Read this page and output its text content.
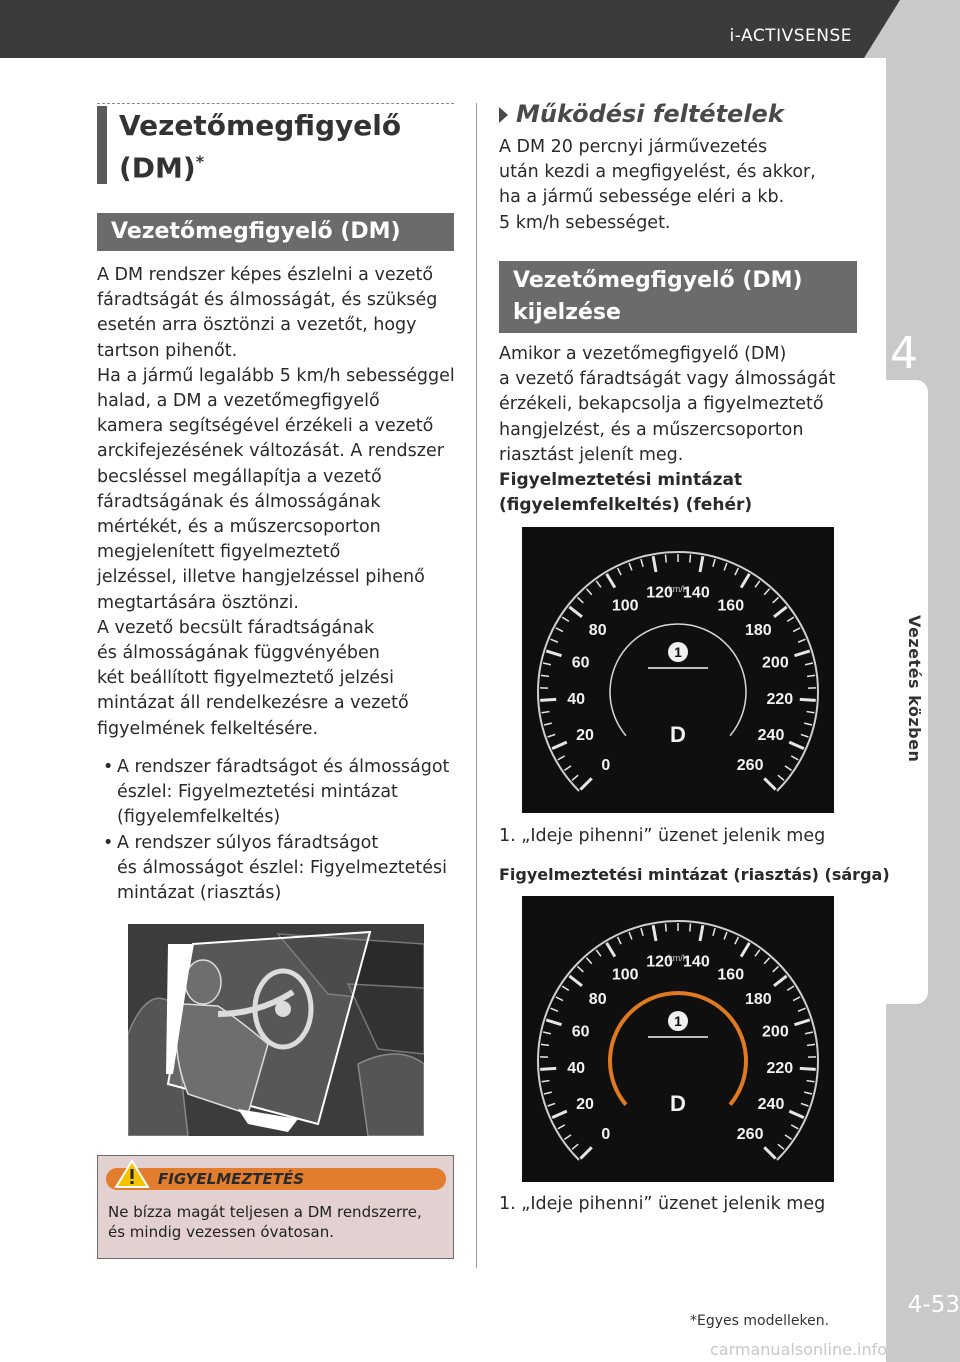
i-ACTIVSENSE
4
Vezetés közben
4-53
Vezetőmegfigyelő
(DM)*
Vezetőmegfigyelő (DM)
A DM rendszer képes észlelni a vezető
fáradtságát és álmosságát, és szükség
esetén arra ösztönzi a vezetőt, hogy
tartson pihenőt.
Ha a jármű legalább 5 km/h sebességgel
halad, a DM a vezetőmegfigyelő
kamera segítségével érzékeli a vezető
arckifejezésének változását. A rendszer
becsléssel megállapítja a vezető
fáradtságának és álmosságának
mértékét, és a műszercsoporton
megjelenített figyelmeztető
jelzéssel, illetve hangjelzéssel pihenő
megtartására ösztönzi.
A vezető becsült fáradtságának
és álmosságának függvényében
két beállított figyelmeztető jelzési
mintázat áll rendelkezésre a vezető
figyelmének felkeltésére.
• A rendszer fáradtságot és álmosságot
észlel: Figyelmeztetési mintázat
(figyelemfelkeltés)
• A rendszer súlyos fáradtságot
és álmosságot észlel: Figyelmeztetési
mintázat (riasztás)
FIGYELMEZTETÉS
Ne bízza magát teljesen a DM rendszerre,
és mindig vezessen óvatosan.
Működési feltételek
A DM 20 percnyi járművezetés
után kezdi a megfigyelést, és akkor,
ha a jármű sebessége eléri a kb.
5 km/h sebességet.
Vezetőmegfigyelő (DM)
kijelzése
Amikor a vezetőmegfigyelő (DM)
a vezető fáradtságát vagy álmosságát
érzékeli, bekapcsolja a figyelmeztető
hangjelzést, és a műszercsoporton
riasztást jelenít meg.
Figyelmeztetési mintázat
(figyelemfelkeltés) (fehér)
0
20
40
60
80
100
120 140
160
180
200
220
240
260
km/h
1
D
1. „Ideje pihenni” üzenet jelenik meg
Figyelmeztetési mintázat (riasztás) (sárga)
0
20
40
60
80
100
120 140
160
180
200
220
240
260
km/h
1
D
1. „Ideje pihenni” üzenet jelenik meg
*Egyes modelleken.
carmanualsonline.info
